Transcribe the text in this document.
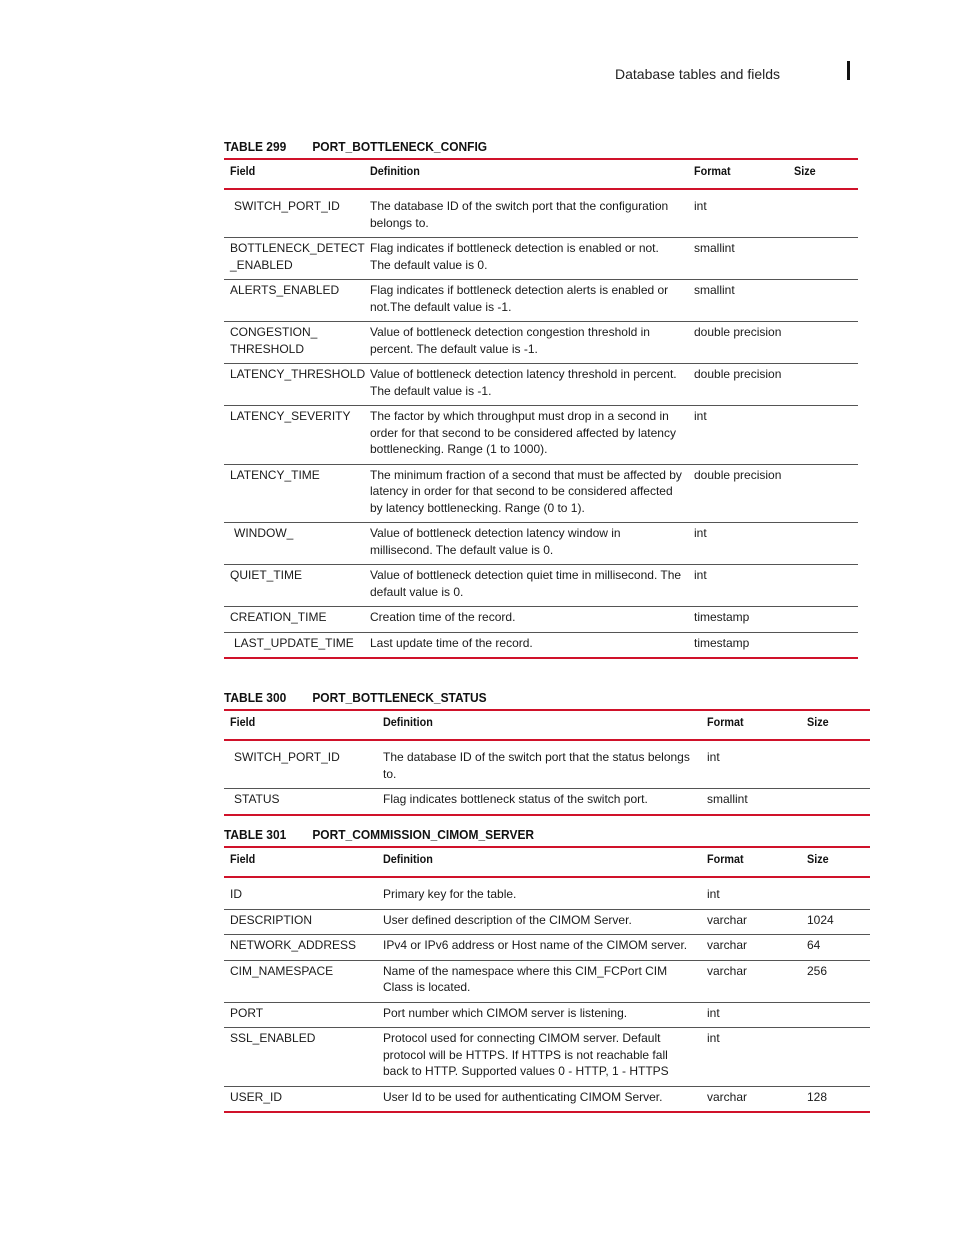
Database tables and fields
TABLE 299 PORT_BOTTLENECK_CONFIG
Field	Definition	Format	Size
SWITCH_PORT_ID	The database ID of the switch port that the configuration belongs to.	int	
BOTTLENECK_DETECT _ENABLED	Flag indicates if bottleneck detection is enabled or not. The default value is 0.	smallint	
ALERTS_ENABLED	Flag indicates if bottleneck detection alerts is enabled or not.The default value is -1.	smallint	
CONGESTION_ THRESHOLD	Value of bottleneck detection congestion threshold in percent. The default value is -1.	double precision	
LATENCY_THRESHOLD	Value of bottleneck detection latency threshold in percent. The default value is -1.	double precision	
LATENCY_SEVERITY	The factor by which throughput must drop in a second in order for that second to be considered affected by latency bottlenecking. Range (1 to 1000).	int	
LATENCY_TIME	The minimum fraction of a second that must be affected by latency in order for that second to be considered affected by latency bottlenecking. Range (0 to 1).	double precision	
WINDOW_	Value of bottleneck detection latency window in millisecond. The default value is 0.	int	
QUIET_TIME	Value of bottleneck detection quiet time in millisecond. The default value is 0.	int	
CREATION_TIME	Creation time of the record.	timestamp	
LAST_UPDATE_TIME	Last update time of the record.	timestamp	
TABLE 300 PORT_BOTTLENECK_STATUS
Field	Definition	Format	Size
SWITCH_PORT_ID	The database ID of the switch port that the status belongs to.	int	
STATUS	Flag indicates bottleneck status of the switch port.	smallint	
TABLE 301 PORT_COMMISSION_CIMOM_SERVER
Field	Definition	Format	Size
ID	Primary key for the table.	int	
DESCRIPTION	User defined description of the CIMOM Server.	varchar	1024
NETWORK_ADDRESS	IPv4 or IPv6 address or Host name of the CIMOM server.	varchar	64
CIM_NAMESPACE	Name of the namespace where this CIM_FCPort CIM Class is located.	varchar	256
PORT	Port number which CIMOM server is listening.	int	
SSL_ENABLED	Protocol used for connecting CIMOM server. Default protocol will be HTTPS. If HTTPS is not reachable fall back to HTTP. Supported values 0 - HTTP, 1 - HTTPS	int	
USER_ID	User Id to be used for authenticating CIMOM Server.	varchar	128
